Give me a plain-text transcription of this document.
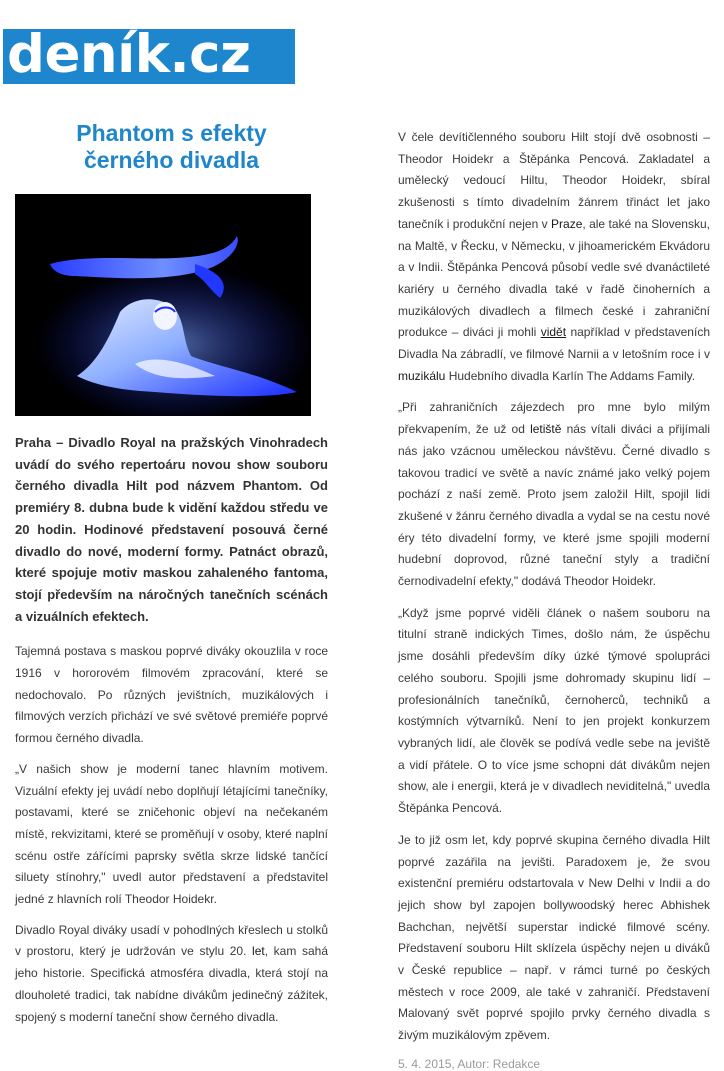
deník.cz
Phantom s efekty
černého divadla

Praha – Divadlo Royal na pražských Vinohradech uvádí do svého repertoáru novou show souboru černého divadla Hilt pod názvem Phantom. Od premiéry 8. dubna bude k vidění každou středu ve 20 hodin. Hodinové představení posouvá černé divadlo do nové, moderní formy. Patnáct obrazů, které spojuje motiv maskou zahaleného fantoma, stojí především na náročných tanečních scénách a vizuálních efektech.

Tajemná postava s maskou poprvé diváky okouzlila v roce 1916 v hororovém filmovém zpracování, které se nedochovalo. Po různých jevištních, muzikálových i filmových verzích přichází ve své světové premiéře poprvé formou černého divadla.

„V našich show je moderní tanec hlavním motivem. Vizuální efekty jej uvádí nebo doplňují létajícími tanečníky, postavami, které se zničehonic objeví na nečekaném místě, rekvizitami, které se proměňují v osoby, které naplní scénu ostře zářícími paprsky světla skrze lidské tančící siluety stínohry," uvedl autor představení a představitel jedné z hlavních rolí Theodor Hoidekr.

Divadlo Royal diváky usadí v pohodlných křeslech u stolků v prostoru, který je udržován ve stylu 20. let, kam sahá jeho historie. Specifická atmosféra divadla, která stojí na dlouholeté tradici, tak nabídne divákům jedinečný zážitek, spojený s moderní taneční show černého divadla.

V čele devítičlenného souboru Hilt stojí dvě osobnosti – Theodor Hoidekr a Štěpánka Pencová. Zakladatel a umělecký vedoucí Hiltu, Theodor Hoidekr, sbíral zkušenosti s tímto divadelním žánrem třináct let jako tanečník i produkční nejen v Praze, ale také na Slovensku, na Maltě, v Řecku, v Německu, v jihoamerickém Ekvádoru a v Indii. Štěpánka Pencová působí vedle své dvanáctileté kariéry u černého divadla také v řadě činoherních a muzikálových divadlech a filmech české i zahraniční produkce – diváci ji mohli vidět například v představeních Divadla Na zábradlí, ve filmové Narnii a v letošním roce i v muzikálu Hudebního divadla Karlín The Addams Family.

„Při zahraničních zájezdech pro mne bylo milým překvapením, že už od letiště nás vítali diváci a přijímali nás jako vzácnou uměleckou návštěvu. Černé divadlo s takovou tradicí ve světě a navíc známé jako velký pojem pochází z naší země. Proto jsem založil Hilt, spojil lidi zkušené v žánru černého divadla a vydal se na cestu nové éry této divadelní formy, ve které jsme spojili moderní hudební doprovod, různé taneční styly a tradiční černodivadelní efekty," dodává Theodor Hoidekr.

„Když jsme poprvé viděli článek o našem souboru na titulní straně indických Times, došlo nám, že úspěchu jsme dosáhli především díky úzké týmové spolupráci celého souboru. Spojili jsme dohromady skupinu lidí – profesionálních tanečníků, černoherců, techniků a kostýmních výtvarníků. Není to jen projekt konkurzem vybraných lidí, ale člověk se podívá vedle sebe na jeviště a vidí přátele. O to více jsme schopni dát divákům nejen show, ale i energii, která je v divadlech neviditelná," uvedla Štěpánka Pencová.

Je to již osm let, kdy poprvé skupina černého divadla Hilt poprvé zazářila na jevišti. Paradoxem je, že svou existenční premiéru odstartovala v New Delhi v Indii a do jejich show byl zapojen bollywoodský herec Abhishek Bachchan, největší superstar indické filmové scény. Představení souboru Hilt sklízela úspěchy nejen u diváků v České republice – např. v rámci turné po českých městech v roce 2009, ale také v zahraničí. Představení Malovaný svět poprvé spojilo prvky černého divadla s živým muzikálovým zpěvem.

5. 4. 2015, Autor: Redakce
